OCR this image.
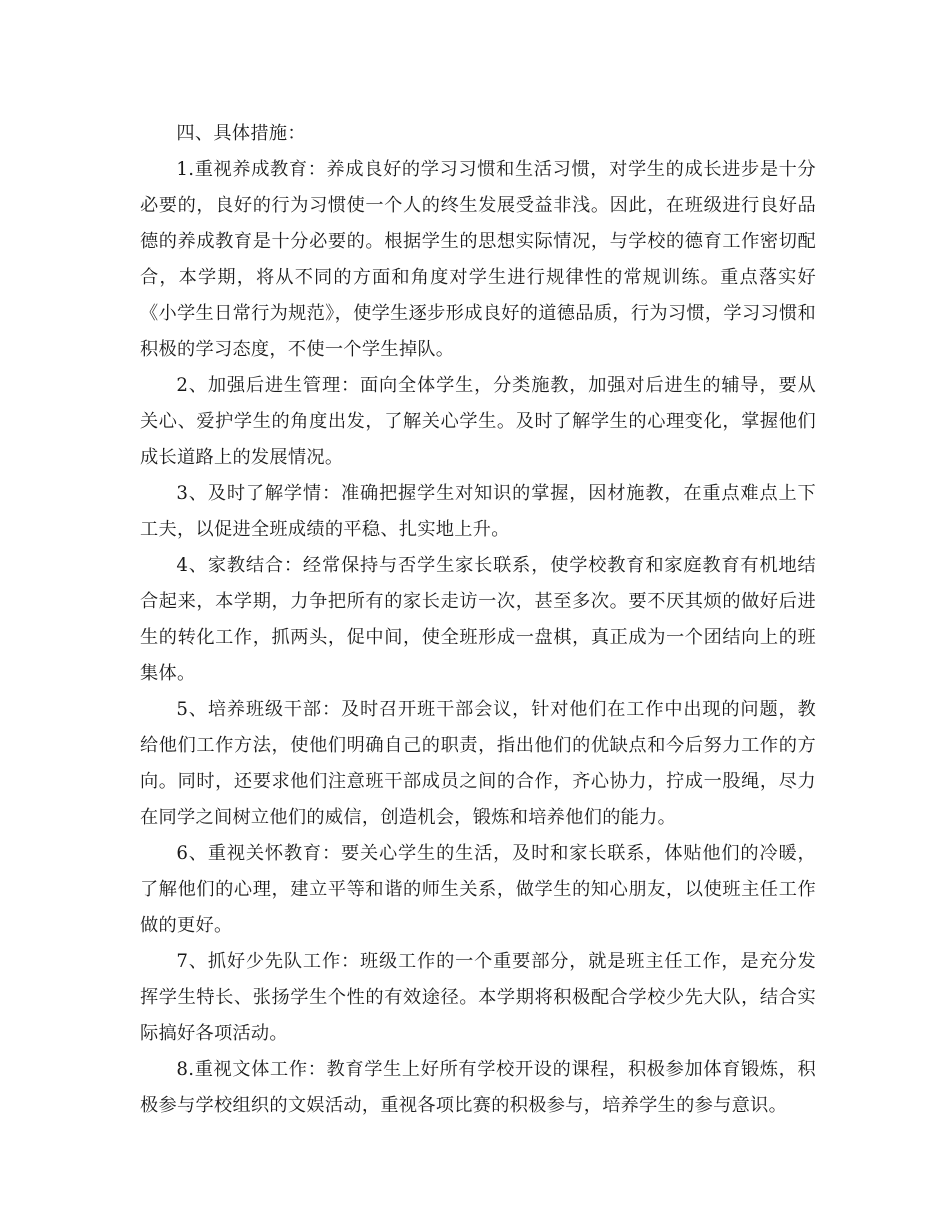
四、具体措施：

1.重视养成教育：养成良好的学习习惯和生活习惯，对学生的成长进步是十分必要的，良好的行为习惯使一个人的终生发展受益非浅。因此，在班级进行良好品德的养成教育是十分必要的。根据学生的思想实际情况，与学校的德育工作密切配合，本学期，将从不同的方面和角度对学生进行规律性的常规训练。重点落实好《小学生日常行为规范》，使学生逐步形成良好的道德品质，行为习惯，学习习惯和积极的学习态度，不使一个学生掉队。

2、加强后进生管理：面向全体学生，分类施教，加强对后进生的辅导，要从关心、爱护学生的角度出发，了解关心学生。及时了解学生的心理变化，掌握他们成长道路上的发展情况。

3、及时了解学情：准确把握学生对知识的掌握，因材施教，在重点难点上下工夫，以促进全班成绩的平稳、扎实地上升。

4、家教结合：经常保持与否学生家长联系，使学校教育和家庭教育有机地结合起来，本学期，力争把所有的家长走访一次，甚至多次。要不厌其烦的做好后进生的转化工作，抓两头，促中间，使全班形成一盘棋，真正成为一个团结向上的班集体。

5、培养班级干部：及时召开班干部会议，针对他们在工作中出现的问题，教给他们工作方法，使他们明确自己的职责，指出他们的优缺点和今后努力工作的方向。同时，还要求他们注意班干部成员之间的合作，齐心协力，拧成一股绳，尽力在同学之间树立他们的威信，创造机会，锻炼和培养他们的能力。

6、重视关怀教育：要关心学生的生活，及时和家长联系，体贴他们的冷暖，了解他们的心理，建立平等和谐的师生关系，做学生的知心朋友，以使班主任工作做的更好。

7、抓好少先队工作：班级工作的一个重要部分，就是班主任工作，是充分发挥学生特长、张扬学生个性的有效途径。本学期将积极配合学校少先大队，结合实际搞好各项活动。

8.重视文体工作：教育学生上好所有学校开设的课程，积极参加体育锻炼，积极参与学校组织的文娱活动，重视各项比赛的积极参与，培养学生的参与意识。
